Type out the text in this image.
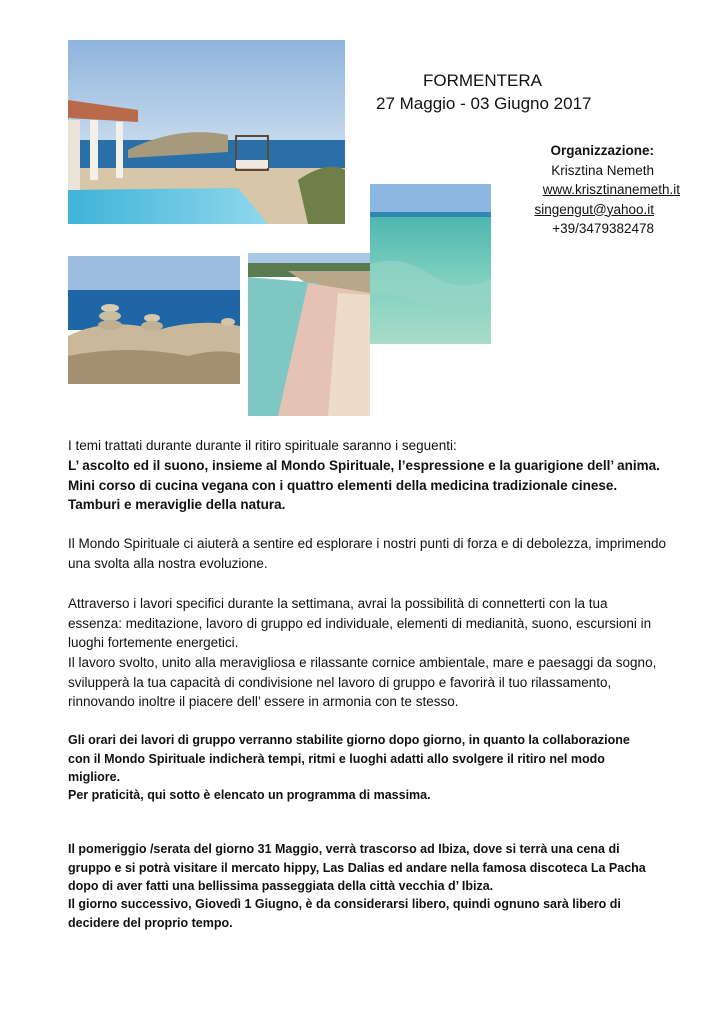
FORMENTERA
27 Maggio - 03 Giugno 2017
Organizzazione:
Krisztina Nemeth
www.krisztinanemeth.it
singengut@yahoo.it
+39/3479382478
I temi trattati durante durante il ritiro spirituale saranno i seguenti:
L’ ascolto ed il suono, insieme al Mondo Spirituale, l’espressione e la guarigione dell’ anima. Mini corso di cucina vegana con i quattro elementi della medicina tradizionale cinese. Tamburi e meraviglie della natura.
Il Mondo Spirituale ci aiuterà a sentire ed esplorare i nostri punti di forza e di debolezza, imprimendo una svolta alla nostra evoluzione.
Attraverso i lavori specifici durante la settimana, avrai la possibilità di connetterti con la tua essenza: meditazione, lavoro di gruppo ed individuale, elementi di medianità, suono, escursioni in luoghi fortemente energetici.
Il lavoro svolto, unito alla meravigliosa e rilassante cornice ambientale, mare e paesaggi da sogno, svilupperà la tua capacità di condivisione nel lavoro di gruppo e favorirà il tuo rilassamento, rinnovando inoltre il piacere dell’ essere in armonia con te stesso.
Gli orari dei lavori di gruppo verranno stabilite giorno dopo giorno, in quanto la collaborazione con il Mondo Spirituale indicherà tempi, ritmi e luoghi adatti allo svolgere il ritiro nel modo migliore.
Per praticità, qui sotto è elencato un programma di massima.
Il pomeriggio /serata del giorno 31 Maggio, verrà trascorso ad Ibiza, dove si terrà una cena di gruppo e si potrà visitare il mercato hippy, Las Dalias ed andare nella famosa discoteca La Pacha dopo di aver fatti una bellissima passeggiata della città vecchia d’ Ibiza.
Il giorno successivo, Giovedì 1 Giugno, è da considerarsi libero, quindi ognuno sarà libero di decidere del proprio tempo.
